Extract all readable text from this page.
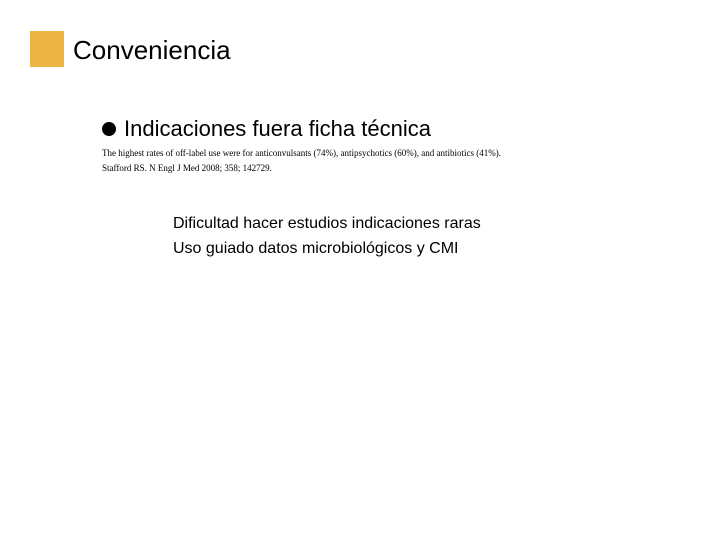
Conveniencia
Indicaciones fuera ficha técnica
The highest rates of off-label use were for anticonvulsants (74%), antipsychotics (60%), and antibiotics (41%).
Stafford RS. N Engl J Med 2008; 358; 142729.
Dificultad hacer estudios indicaciones raras
Uso guiado datos microbiológicos y CMI
